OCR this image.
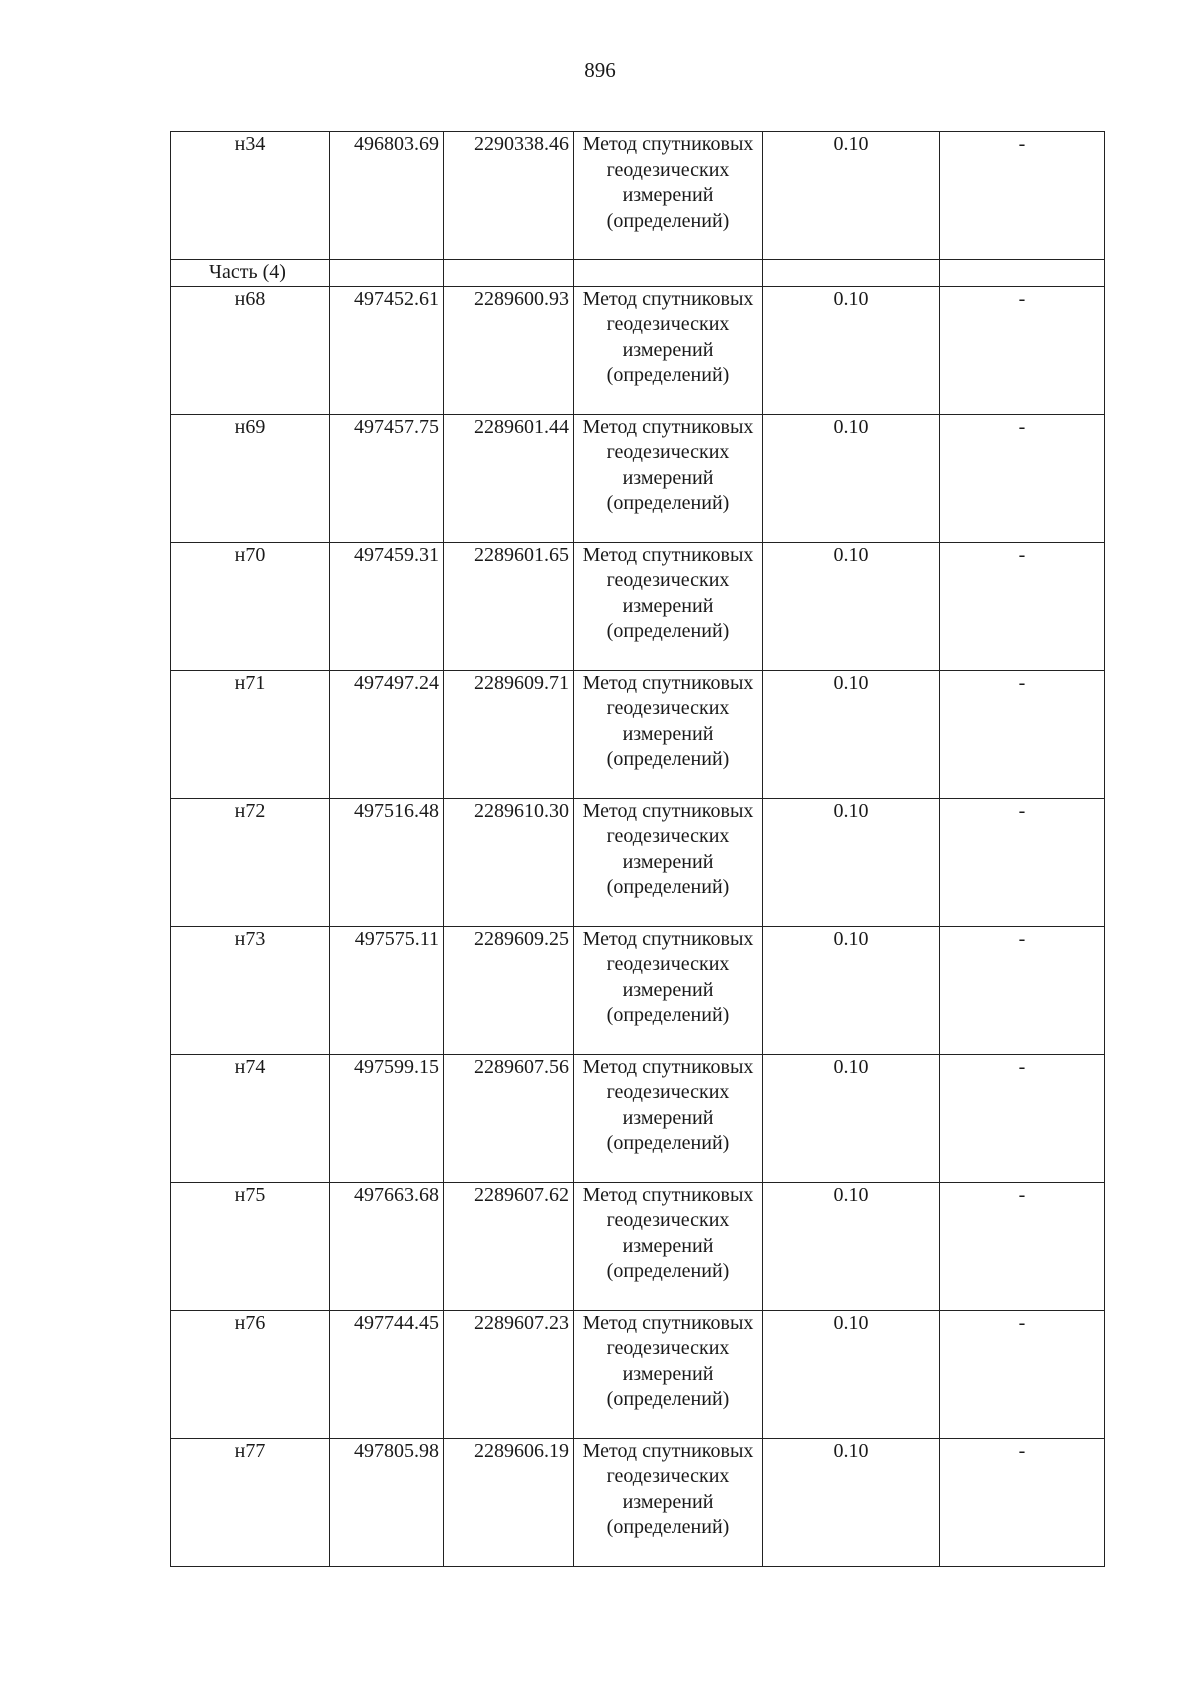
896
н34	496803.69	2290338.46	Метод спутниковых геодезических измерений (определений)	0.10	-
Часть (4)					
н68	497452.61	2289600.93	Метод спутниковых геодезических измерений (определений)	0.10	-
н69	497457.75	2289601.44	Метод спутниковых геодезических измерений (определений)	0.10	-
н70	497459.31	2289601.65	Метод спутниковых геодезических измерений (определений)	0.10	-
н71	497497.24	2289609.71	Метод спутниковых геодезических измерений (определений)	0.10	-
н72	497516.48	2289610.30	Метод спутниковых геодезических измерений (определений)	0.10	-
н73	497575.11	2289609.25	Метод спутниковых геодезических измерений (определений)	0.10	-
н74	497599.15	2289607.56	Метод спутниковых геодезических измерений (определений)	0.10	-
н75	497663.68	2289607.62	Метод спутниковых геодезических измерений (определений)	0.10	-
н76	497744.45	2289607.23	Метод спутниковых геодезических измерений (определений)	0.10	-
н77	497805.98	2289606.19	Метод спутниковых геодезических измерений (определений)	0.10	-
